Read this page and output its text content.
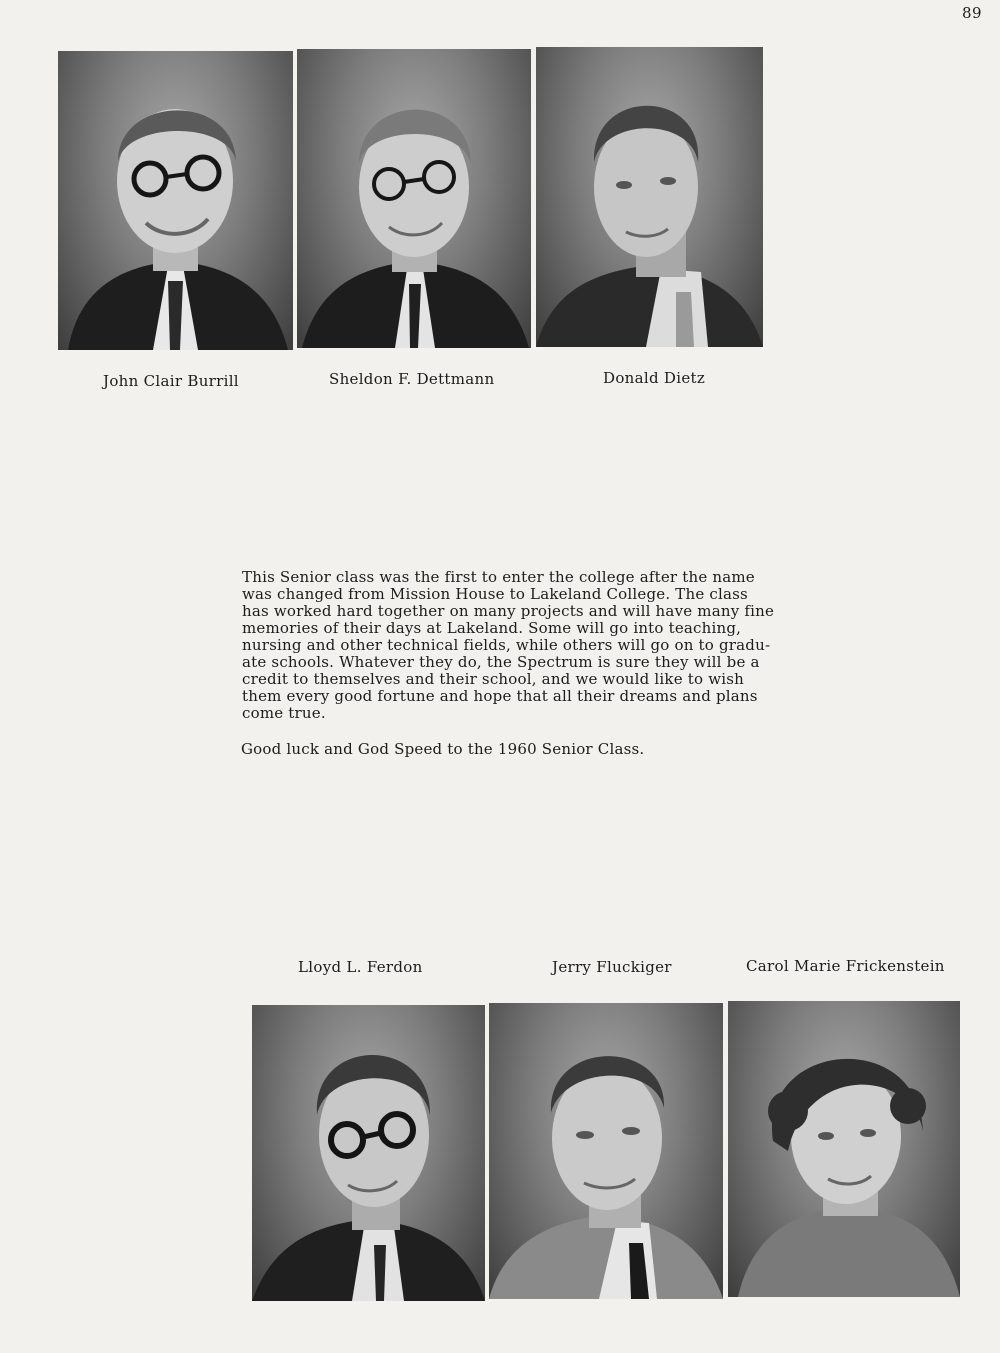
89
John Clair Burrill	Sheldon F. Dettmann	Donald Dietz
This Senior class was the first to enter the college after the name
was changed from Mission House to Lakeland College. The class
has worked hard together on many projects and will have many fine
memories of their days at Lakeland. Some will go into teaching,
nursing and other technical fields, while others will go on to gradu-
ate schools. Whatever they do, the Spectrum is sure they will be a
credit to themselves and their school, and we would like to wish
them every good fortune and hope that all their dreams and plans
come true.
Good luck and God Speed to the 1960 Senior Class.
Lloyd L. Ferdon	Jerry Fluckiger	Carol Marie Frickenstein
